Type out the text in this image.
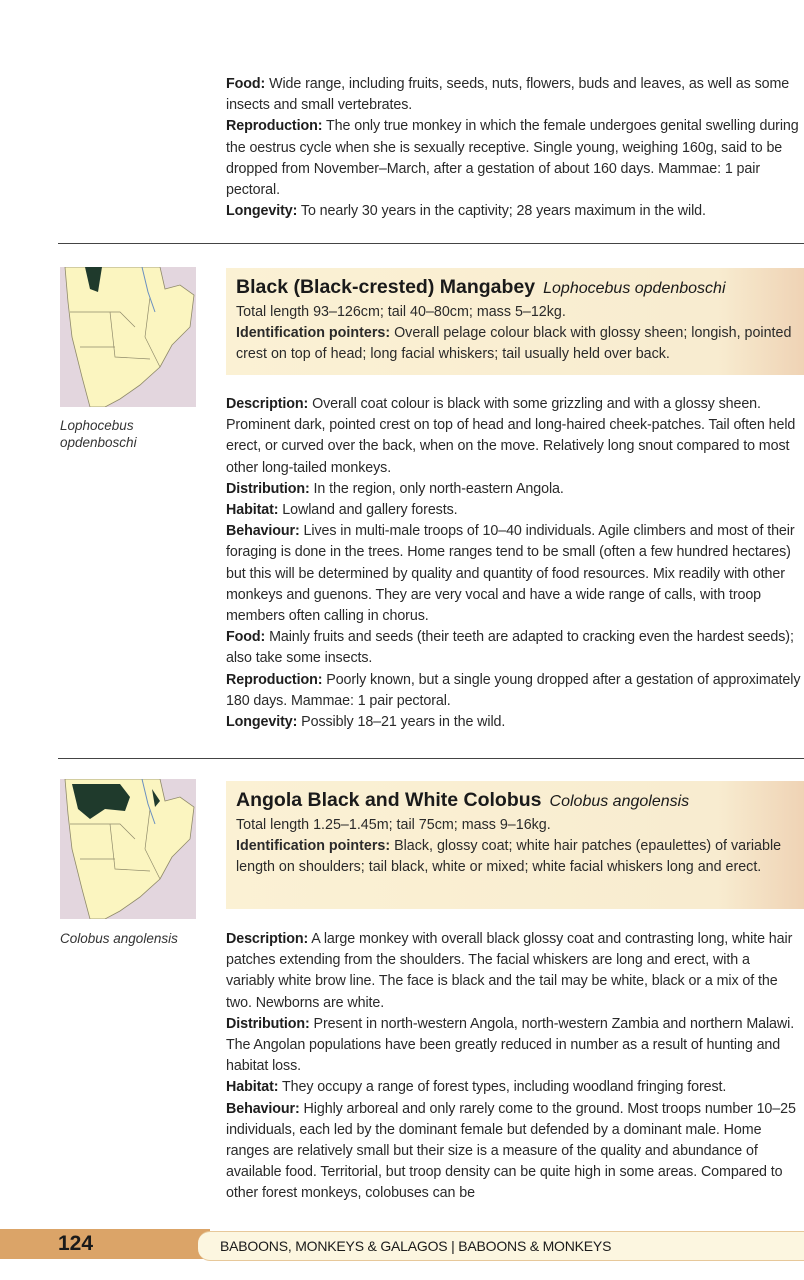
Food: Wide range, including fruits, seeds, nuts, flowers, buds and leaves, as well as some insects and small vertebrates.

Reproduction: The only true monkey in which the female undergoes genital swelling during the oestrus cycle when she is sexually receptive. Single young, weighing 160g, said to be dropped from November–March, after a gestation of about 160 days. Mammae: 1 pair pectoral.

Longevity: To nearly 30 years in the captivity; 28 years maximum in the wild.

Lophocebus opdenboschi
Black (Black-crested) Mangabey Lophocebus opdenboschi

Total length 93–126cm; tail 40–80cm; mass 5–12kg.

Identification pointers: Overall pelage colour black with glossy sheen; longish, pointed crest on top of head; long facial whiskers; tail usually held over back.

Description: Overall coat colour is black with some grizzling and with a glossy sheen. Prominent dark, pointed crest on top of head and long-haired cheek-patches. Tail often held erect, or curved over the back, when on the move. Relatively long snout compared to most other long-tailed monkeys.

Distribution: In the region, only north-eastern Angola.

Habitat: Lowland and gallery forests.

Behaviour: Lives in multi-male troops of 10–40 individuals. Agile climbers and most of their foraging is done in the trees. Home ranges tend to be small (often a few hundred hectares) but this will be determined by quality and quantity of food resources. Mix readily with other monkeys and guenons. They are very vocal and have a wide range of calls, with troop members often calling in chorus.

Food: Mainly fruits and seeds (their teeth are adapted to cracking even the hardest seeds); also take some insects.

Reproduction: Poorly known, but a single young dropped after a gestation of approximately 180 days. Mammae: 1 pair pectoral.

Longevity: Possibly 18–21 years in the wild.

Colobus angolensis
Angola Black and White Colobus Colobus angolensis

Total length 1.25–1.45m; tail 75cm; mass 9–16kg.

Identification pointers: Black, glossy coat; white hair patches (epaulettes) of variable length on shoulders; tail black, white or mixed; white facial whiskers long and erect.

Description: A large monkey with overall black glossy coat and contrasting long, white hair patches extending from the shoulders. The facial whiskers are long and erect, with a variably white brow line. The face is black and the tail may be white, black or a mix of the two. Newborns are white.

Distribution: Present in north-western Angola, north-western Zambia and northern Malawi. The Angolan populations have been greatly reduced in number as a result of hunting and habitat loss.

Habitat: They occupy a range of forest types, including woodland fringing forest.

Behaviour: Highly arboreal and only rarely come to the ground. Most troops number 10–25 individuals, each led by the dominant female but defended by a dominant male. Home ranges are relatively small but their size is a measure of the quality and abundance of available food. Territorial, but troop density can be quite high in some areas. Compared to other forest monkeys, colobuses can be

124	BABOONS, MONKEYS & GALAGOS | BABOONS & MONKEYS
